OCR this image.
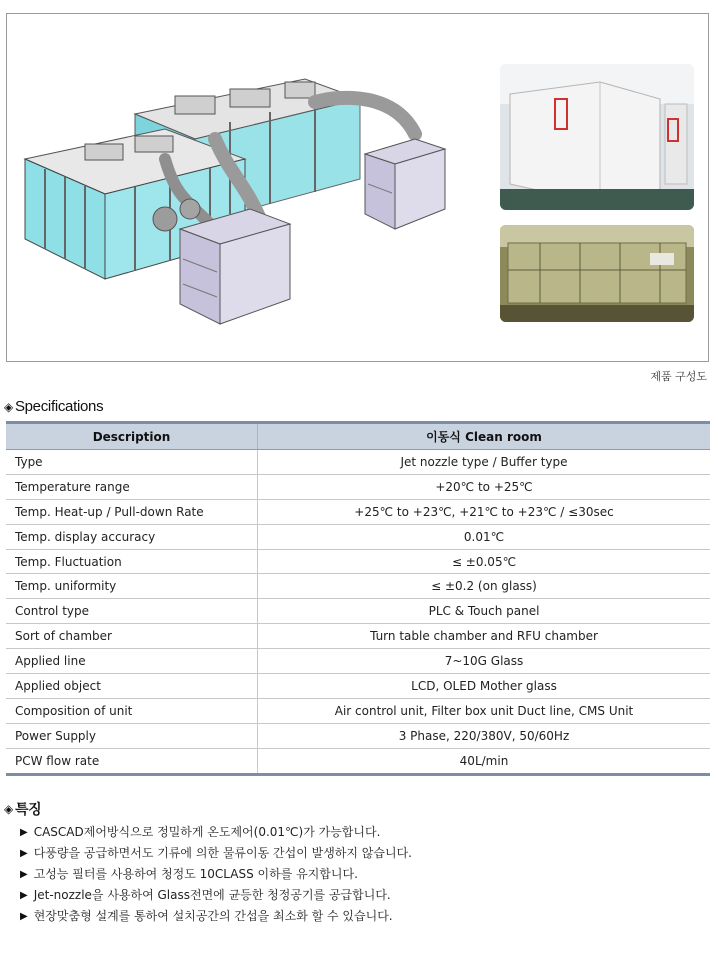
제품 구성도
◈ Specifications
Description	이동식 Clean room
Type	Jet nozzle type / Buffer type
Temperature range	+20℃ to +25℃
Temp. Heat-up / Pull-down Rate	+25℃ to +23℃, +21℃ to +23℃ / ≤30sec
Temp. display accuracy	0.01℃
Temp. Fluctuation	≤ ±0.05℃
Temp. uniformity	≤ ±0.2 (on glass)
Control type	PLC & Touch panel
Sort of chamber	Turn table chamber and RFU chamber
Applied line	7~10G Glass
Applied object	LCD, OLED Mother glass
Composition of unit	Air control unit, Filter box unit Duct line, CMS Unit
Power Supply	3 Phase, 220/380V, 50/60Hz
PCW flow rate	40L/min
◈ 특징
▶ CASCAD제어방식으로 정밀하게 온도제어(0.01℃)가 가능합니다.
▶ 다풍량을 공급하면서도 기류에 의한 물류이동 간섭이 발생하지 않습니다.
▶ 고성능 필터를 사용하여 청정도 10CLASS 이하를 유지합니다.
▶ Jet-nozzle을 사용하여 Glass전면에 균등한 청정공기를 공급합니다.
▶ 현장맞춤형 설계를 통하여 설치공간의 간섭을 최소화 할 수 있습니다.
